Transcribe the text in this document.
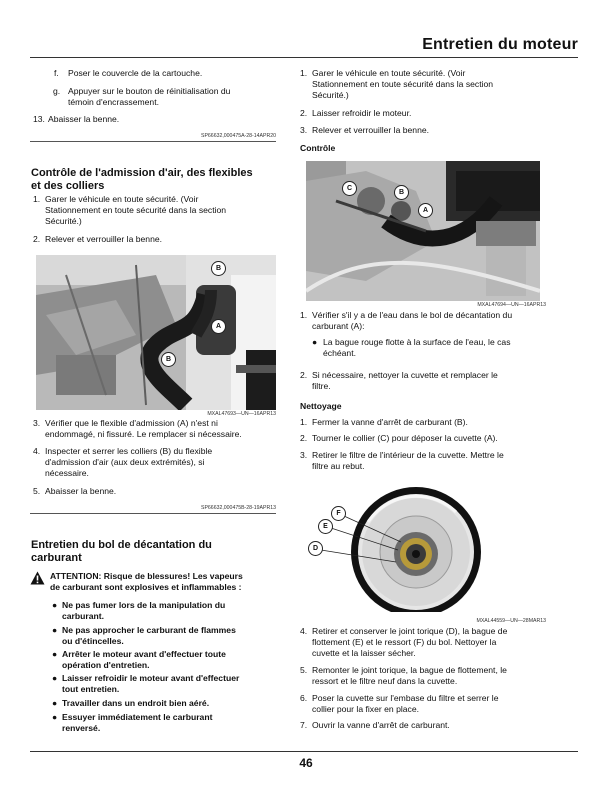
Entretien du moteur
f. Poser le couvercle de la cartouche.
g. Appuyer sur le bouton de réinitialisation du
témoin d'encrassement.
13. Abaisser la benne.
SP66632,000475A-28-14APR20
Contrôle de l'admission d'air, des flexibles
et des colliers
1. Garer le véhicule en toute sécurité. (Voir
Stationnement en toute sécurité dans la section
Sécurité.)
2. Relever et verrouiller la benne.
B
A
B
MXAL47693—UN—16APR13
3. Vérifier que le flexible d'admission (A) n'est ni
endommagé, ni fissuré. Le remplacer si nécessaire.
4. Inspecter et serrer les colliers (B) du flexible
d'admission d'air (aux deux extrémités), si
nécessaire.
5. Abaisser la benne.
SP66632,000475B-28-19APR13
Entretien du bol de décantation du
carburant
ATTENTION: Risque de blessures! Les vapeurs
de carburant sont explosives et inflammables :
● Ne pas fumer lors de la manipulation du
carburant.
● Ne pas approcher le carburant de flammes
ou d'étincelles.
● Arrêter le moteur avant d'effectuer toute
opération d'entretien.
● Laisser refroidir le moteur avant d'effectuer
tout entretien.
● Travailler dans un endroit bien aéré.
● Essuyer immédiatement le carburant
renversé.
1. Garer le véhicule en toute sécurité. (Voir
Stationnement en toute sécurité dans la section
Sécurité.)
2. Laisser refroidir le moteur.
3. Relever et verrouiller la benne.
Contrôle
C
B
A
MXAL47694—UN—16APR13
1. Vérifier s'il y a de l'eau dans le bol de décantation du
carburant (A):
● La bague rouge flotte à la surface de l'eau, le cas
échéant.
2. Si nécessaire, nettoyer la cuvette et remplacer le
filtre.
Nettoyage
1. Fermer la vanne d'arrêt de carburant (B).
2. Tourner le collier (C) pour déposer la cuvette (A).
3. Retirer le filtre de l'intérieur de la cuvette. Mettre le
filtre au rebut.
F
E
D
MXAL44559—UN—28MAR13
4. Retirer et conserver le joint torique (D), la bague de
flottement (E) et le ressort (F) du bol. Nettoyer la
cuvette et la laisser sécher.
5. Remonter le joint torique, la bague de flottement, le
ressort et le filtre neuf dans la cuvette.
6. Poser la cuvette sur l'embase du filtre et serrer le
collier pour la fixer en place.
7. Ouvrir la vanne d'arrêt de carburant.
46
